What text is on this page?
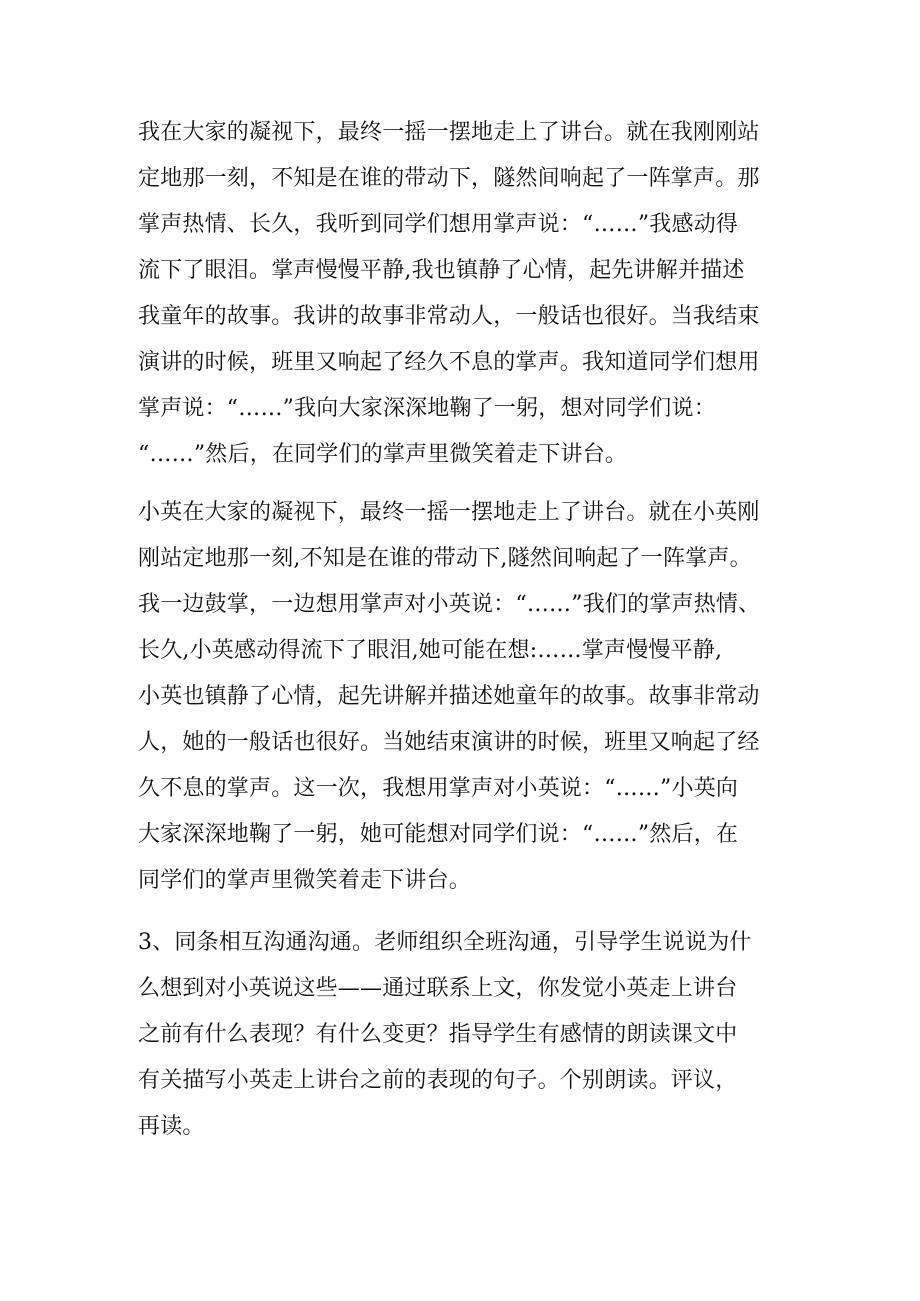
我在大家的凝视下，最终一摇一摆地走上了讲台。就在我刚刚站
定地那一刻，不知是在谁的带动下，隧然间响起了一阵掌声。那
掌声热情、长久，我听到同学们想用掌声说：“……”我感动得
流下了眼泪。掌声慢慢平静,我也镇静了心情，起先讲解并描述
我童年的故事。我讲的故事非常动人，一般话也很好。当我结束
演讲的时候，班里又响起了经久不息的掌声。我知道同学们想用
掌声说：“……”我向大家深深地鞠了一躬，想对同学们说：
“……”然后，在同学们的掌声里微笑着走下讲台。
小英在大家的凝视下，最终一摇一摆地走上了讲台。就在小英刚
刚站定地那一刻,不知是在谁的带动下,隧然间响起了一阵掌声。
我一边鼓掌，一边想用掌声对小英说：“……”我们的掌声热情、
长久,小英感动得流下了眼泪,她可能在想:……掌声慢慢平静,
小英也镇静了心情，起先讲解并描述她童年的故事。故事非常动
人，她的一般话也很好。当她结束演讲的时候，班里又响起了经
久不息的掌声。这一次，我想用掌声对小英说：“……”小英向
大家深深地鞠了一躬，她可能想对同学们说：“……”然后，在
同学们的掌声里微笑着走下讲台。
3、同条相互沟通沟通。老师组织全班沟通，引导学生说说为什
么想到对小英说这些——通过联系上文，你发觉小英走上讲台
之前有什么表现？有什么变更？指导学生有感情的朗读课文中
有关描写小英走上讲台之前的表现的句子。个别朗读。评议，
再读。
